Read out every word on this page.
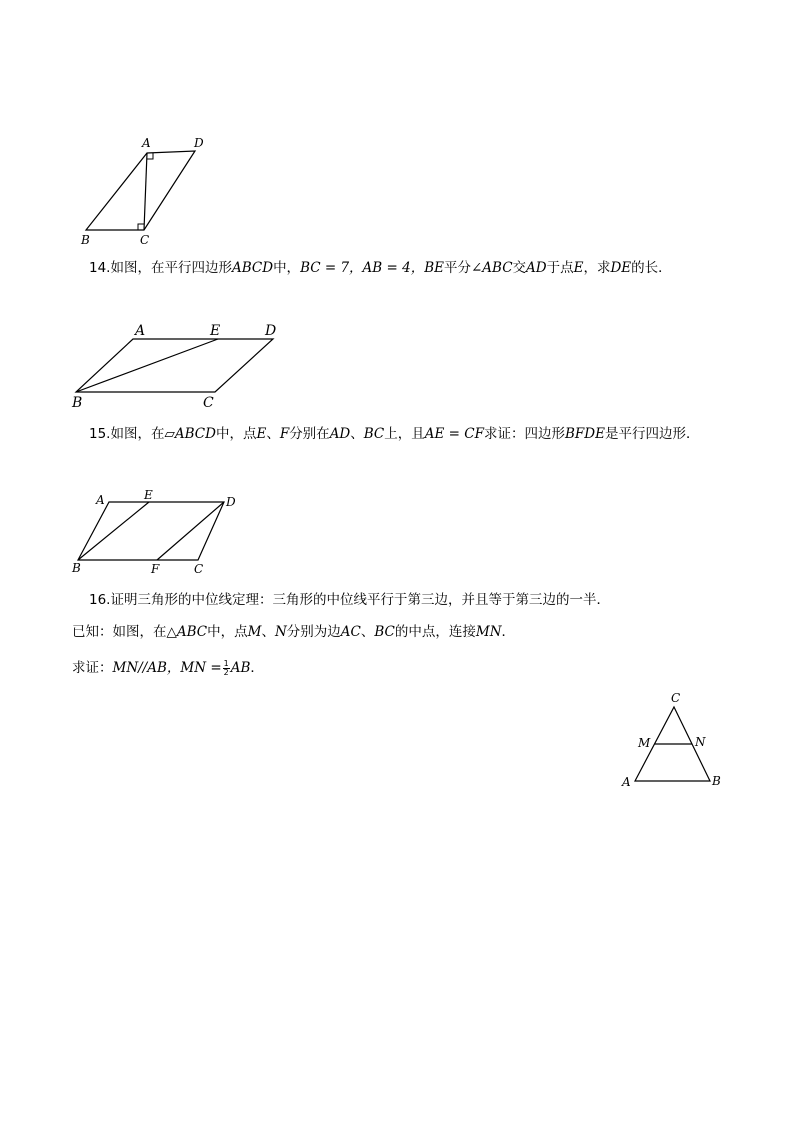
A	D
B	C
14.如图，在平行四边形ABCD中，BC = 7，AB = 4，BE平分∠ABC交AD于点E，求DE的长．
A	E	D
B	C
15.如图，在▱ABCD中，点E、F分别在AD、BC上，且AE = CF求证：四边形BFDE是平行四边形．
A	E	D
B	F	C
16.证明三角形的中位线定理：三角形的中位线平行于第三边，并且等于第三边的一半．
已知：如图，在△ABC中，点M、N分别为边AC、BC的中点，连接MN．
求证：MN//AB，MN = $\frac{1}{2}$ AB．
C
M	N
A	B
